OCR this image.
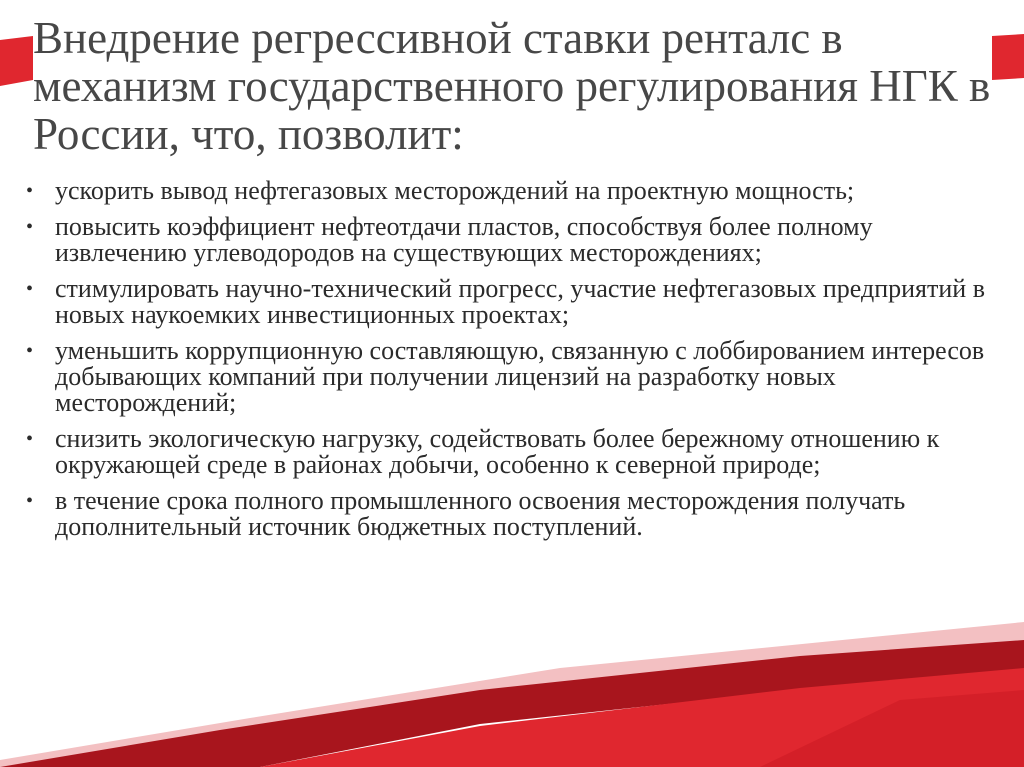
Внедрение регрессивной ставки рентaлс в механизм государственного регулирования НГК в России, что, позволит:
• ускорить вывод нефтегазовых месторождений на проектную мощность;
• повысить коэффициент нефтеотдачи пластов, способствуя более полному извлечению углеводородов на существующих месторождениях;
• стимулировать научно-технический прогресс, участие нефтегазовых предприятий в новых наукоемких инвестиционных проектах;
• уменьшить коррупционную составляющую, связанную с лоббированием интересов добывающих компаний при получении лицензий на разработку новых месторождений;
• снизить экологическую нагрузку, содействовать более бережному отношению к окружающей среде в районах добычи, особенно к северной природе;
• в течение срока полного промышленного освоения месторождения получать дополнительный источник бюджетных поступлений.
